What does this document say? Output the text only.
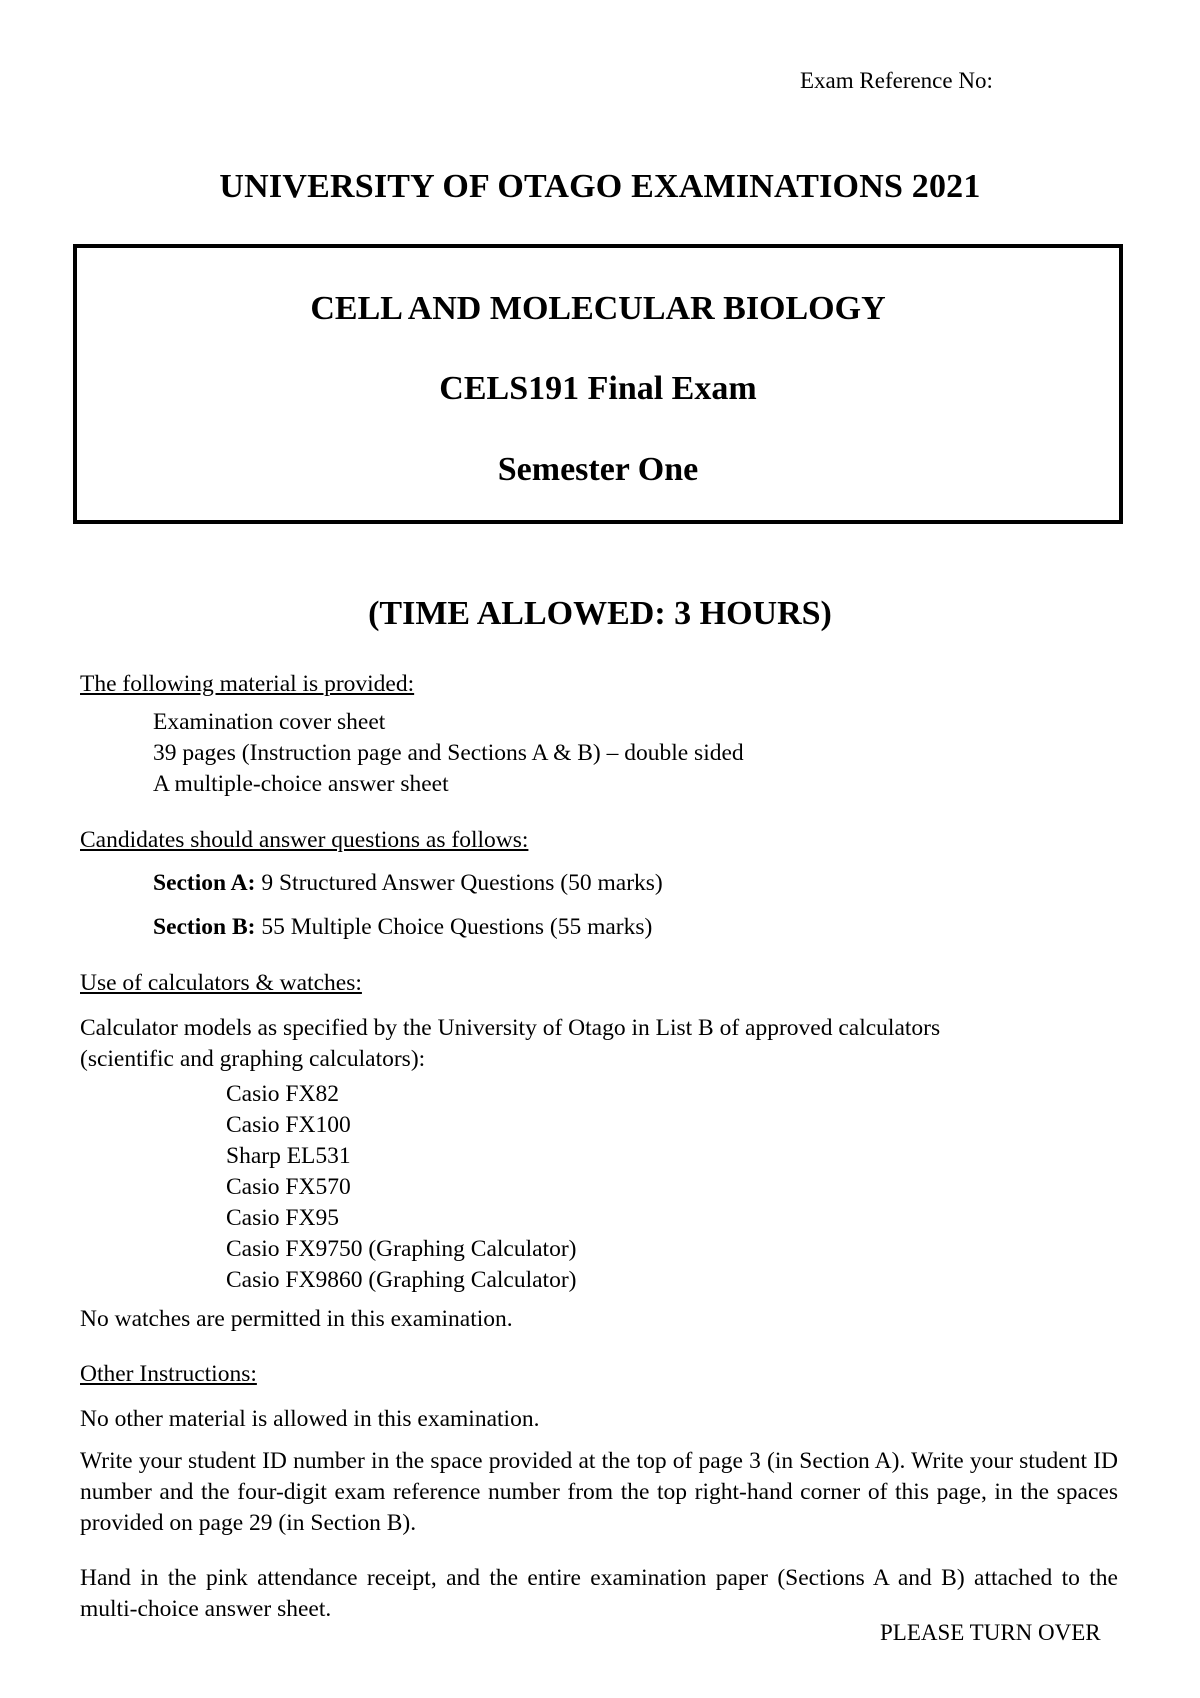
Exam Reference No:
UNIVERSITY OF OTAGO EXAMINATIONS 2021
CELL AND MOLECULAR BIOLOGY
CELS191 Final Exam
Semester One
(TIME ALLOWED: 3 HOURS)
The following material is provided:
Examination cover sheet
39 pages (Instruction page and Sections A & B) – double sided
A multiple-choice answer sheet
Candidates should answer questions as follows:
Section A: 9 Structured Answer Questions (50 marks)
Section B: 55 Multiple Choice Questions (55 marks)
Use of calculators & watches:
Calculator models as specified by the University of Otago in List B of approved calculators
(scientific and graphing calculators):
Casio FX82
Casio FX100
Sharp EL531
Casio FX570
Casio FX95
Casio FX9750 (Graphing Calculator)
Casio FX9860 (Graphing Calculator)
No watches are permitted in this examination.
Other Instructions:
No other material is allowed in this examination.
Write your student ID number in the space provided at the top of page 3 (in Section A). Write your student ID number and the four-digit exam reference number from the top right-hand corner of this page, in the spaces provided on page 29 (in Section B).
Hand in the pink attendance receipt, and the entire examination paper (Sections A and B) attached to the multi-choice answer sheet.
PLEASE TURN OVER
